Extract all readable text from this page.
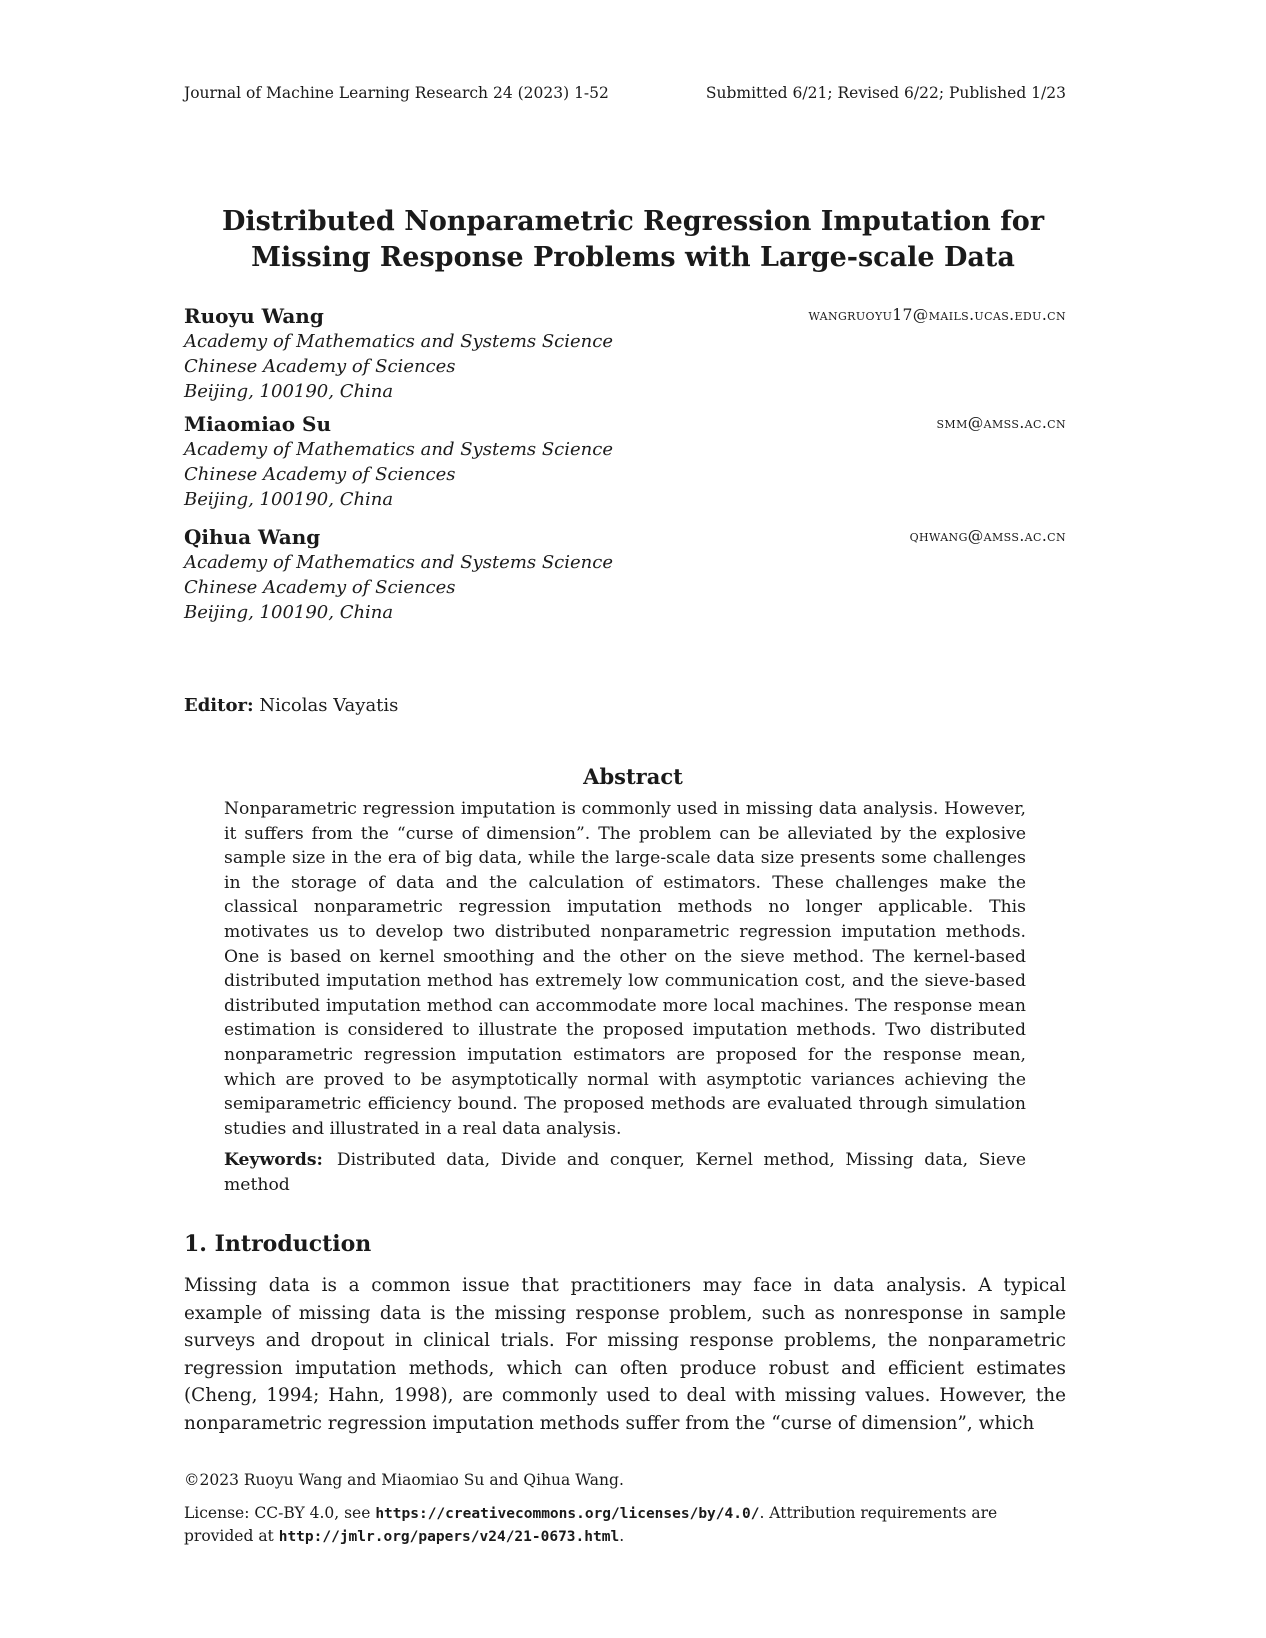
Journal of Machine Learning Research 24 (2023) 1-52	Submitted 6/21; Revised 6/22; Published 1/23
Distributed Nonparametric Regression Imputation for
Missing Response Problems with Large-scale Data
Ruoyu Wang	wangruoyu17@mails.ucas.edu.cn
Academy of Mathematics and Systems Science
Chinese Academy of Sciences
Beijing, 100190, China
Miaomiao Su	smm@amss.ac.cn
Academy of Mathematics and Systems Science
Chinese Academy of Sciences
Beijing, 100190, China
Qihua Wang	qhwang@amss.ac.cn
Academy of Mathematics and Systems Science
Chinese Academy of Sciences
Beijing, 100190, China
Editor: Nicolas Vayatis
Abstract
Nonparametric regression imputation is commonly used in missing data analysis. However, it suffers from the “curse of dimension”. The problem can be alleviated by the explosive sample size in the era of big data, while the large-scale data size presents some challenges in the storage of data and the calculation of estimators. These challenges make the classical nonparametric regression imputation methods no longer applicable. This motivates us to develop two distributed nonparametric regression imputation methods. One is based on kernel smoothing and the other on the sieve method. The kernel-based distributed imputation method has extremely low communication cost, and the sieve-based distributed imputation method can accommodate more local machines. The response mean estimation is considered to illustrate the proposed imputation methods. Two distributed nonparametric regression imputation estimators are proposed for the response mean, which are proved to be asymptotically normal with asymptotic variances achieving the semiparametric efficiency bound. The proposed methods are evaluated through simulation studies and illustrated in a real data analysis.
Keywords: Distributed data, Divide and conquer, Kernel method, Missing data, Sieve method
1. Introduction
Missing data is a common issue that practitioners may face in data analysis. A typical example of missing data is the missing response problem, such as nonresponse in sample surveys and dropout in clinical trials. For missing response problems, the nonparametric regression imputation methods, which can often produce robust and efficient estimates (Cheng, 1994; Hahn, 1998), are commonly used to deal with missing values. However, the nonparametric regression imputation methods suffer from the “curse of dimension”, which
©2023 Ruoyu Wang and Miaomiao Su and Qihua Wang.
License: CC-BY 4.0, see https://creativecommons.org/licenses/by/4.0/. Attribution requirements are provided at http://jmlr.org/papers/v24/21-0673.html.
